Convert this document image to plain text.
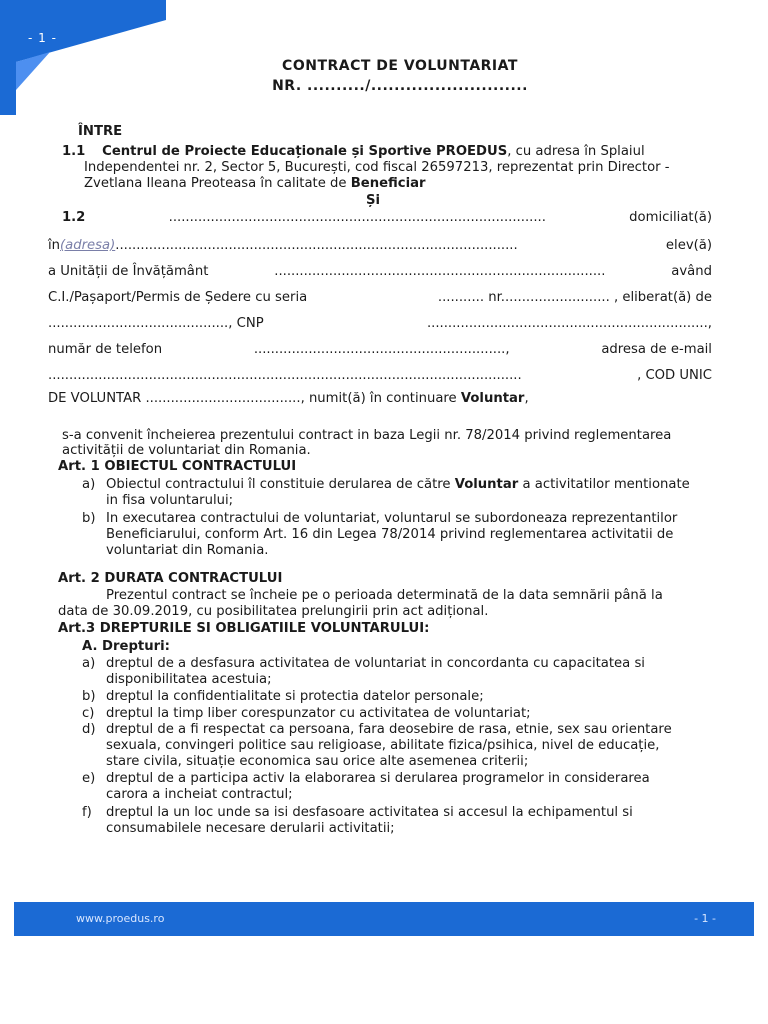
- 1 -
CONTRACT DE VOLUNTARIAT
NR. ........../...........................
ÎNTRE
1.1 Centrul de Proiecte Educaționale și Sportive PROEDUS, cu adresa în Splaiul
Independentei nr. 2, Sector 5, București, cod fiscal 26597213, reprezentat prin Director -
Zvetlana Ileana Preoteasa în calitate de Beneficiar
Și
1.2	..........................................................................................	domiciliat(ă)
în(adresa)................................................................................................	elev(ă)
a Unității de Învățământ	...............................................................................	având
C.I./Pașaport/Permis de Ședere cu seria	........... nr.......................... , eliberat(ă) de
..........................................., CNP	...................................................................,
număr de telefon	............................................................,	adresa de e-mail
.................................................................................................................	, COD UNIC
DE VOLUNTAR ....................................., numit(ă) în continuare Voluntar,
s-a convenit încheierea prezentului contract in baza Legii nr. 78/2014 privind reglementarea
activității de voluntariat din Romania.
Art. 1 OBIECTUL CONTRACTULUI
a) Obiectul contractului îl constituie derularea de către Voluntar a activitatilor mentionate
in fisa voluntarului;
b) In executarea contractului de voluntariat, voluntarul se subordoneaza reprezentantilor
Beneficiarului, conform Art. 16 din Legea 78/2014 privind reglementarea activitatii de
voluntariat din Romania.
Art. 2 DURATA CONTRACTULUI
Prezentul contract se încheie pe o perioada determinată de la data semnării până la
data de 30.09.2019, cu posibilitatea prelungirii prin act adițional.
Art.3 DREPTURILE SI OBLIGATIILE VOLUNTARULUI:
A. Drepturi:
a) dreptul de a desfasura activitatea de voluntariat in concordanta cu capacitatea si
disponibilitatea acestuia;
b) dreptul la confidentialitate si protectia datelor personale;
c) dreptul la timp liber corespunzator cu activitatea de voluntariat;
d) dreptul de a fi respectat ca persoana, fara deosebire de rasa, etnie, sex sau orientare
sexuala, convingeri politice sau religioase, abilitate fizica/psihica, nivel de educație,
stare civila, situație economica sau orice alte asemenea criterii;
e) dreptul de a participa activ la elaborarea si derularea programelor in considerarea
carora a incheiat contractul;
f) dreptul la un loc unde sa isi desfasoare activitatea si accesul la echipamentul si
consumabilele necesare derularii activitatii;
www.proedus.ro	- 1 -
